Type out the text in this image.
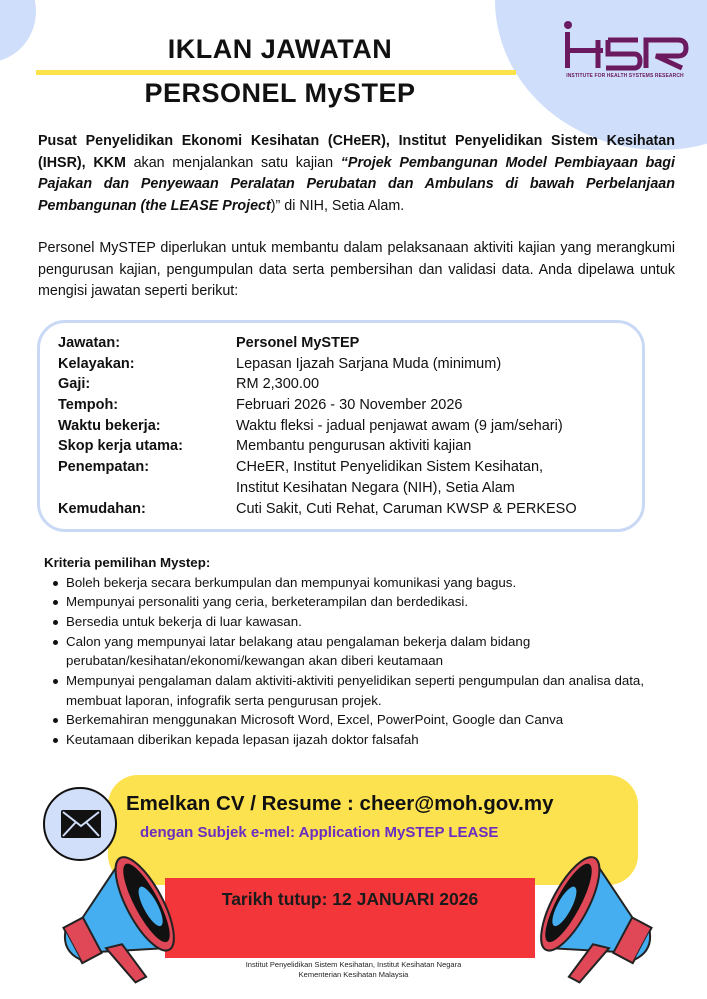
IKLAN JAWATAN
PERSONEL MySTEP
INSTITUTE FOR HEALTH SYSTEMS RESEARCH
Pusat Penyelidikan Ekonomi Kesihatan (CHeER), Institut Penyelidikan Sistem Kesihatan (IHSR), KKM akan menjalankan satu kajian “Projek Pembangunan Model Pembiayaan bagi Pajakan dan Penyewaan Peralatan Perubatan dan Ambulans di bawah Perbelanjaan Pembangunan (the LEASE Project)” di NIH, Setia Alam.
Personel MySTEP diperlukan untuk membantu dalam pelaksanaan aktiviti kajian yang merangkumi pengurusan kajian, pengumpulan data serta pembersihan dan validasi data. Anda dipelawa untuk mengisi jawatan seperti berikut:
Jawatan:	Personel MySTEP
Kelayakan:	Lepasan Ijazah Sarjana Muda (minimum)
Gaji:	RM 2,300.00
Tempoh:	Februari 2026 - 30 November 2026
Waktu bekerja:	Waktu fleksi - jadual penjawat awam (9 jam/sehari)
Skop kerja utama:	Membantu pengurusan aktiviti kajian
Penempatan:	CHeER, Institut Penyelidikan Sistem Kesihatan,
Institut Kesihatan Negara (NIH), Setia Alam
Kemudahan:	Cuti Sakit, Cuti Rehat, Caruman KWSP & PERKESO
Kriteria pemilihan Mystep:
Boleh bekerja secara berkumpulan dan mempunyai komunikasi yang bagus.
Mempunyai personaliti yang ceria, berketerampilan dan berdedikasi.
Bersedia untuk bekerja di luar kawasan.
Calon yang mempunyai latar belakang atau pengalaman bekerja dalam bidang perubatan/kesihatan/ekonomi/kewangan akan diberi keutamaan
Mempunyai pengalaman dalam aktiviti-aktiviti penyelidikan seperti pengumpulan dan analisa data, membuat laporan, infografik serta pengurusan projek.
Berkemahiran menggunakan Microsoft Word, Excel, PowerPoint, Google dan Canva
Keutamaan diberikan kepada lepasan ijazah doktor falsafah
Emelkan CV / Resume : cheer@moh.gov.my
dengan Subjek e-mel: Application MySTEP LEASE
Tarikh tutup: 12 JANUARI 2026
Institut Penyelidikan Sistem Kesihatan, Institut Kesihatan Negara
Kementerian Kesihatan Malaysia
